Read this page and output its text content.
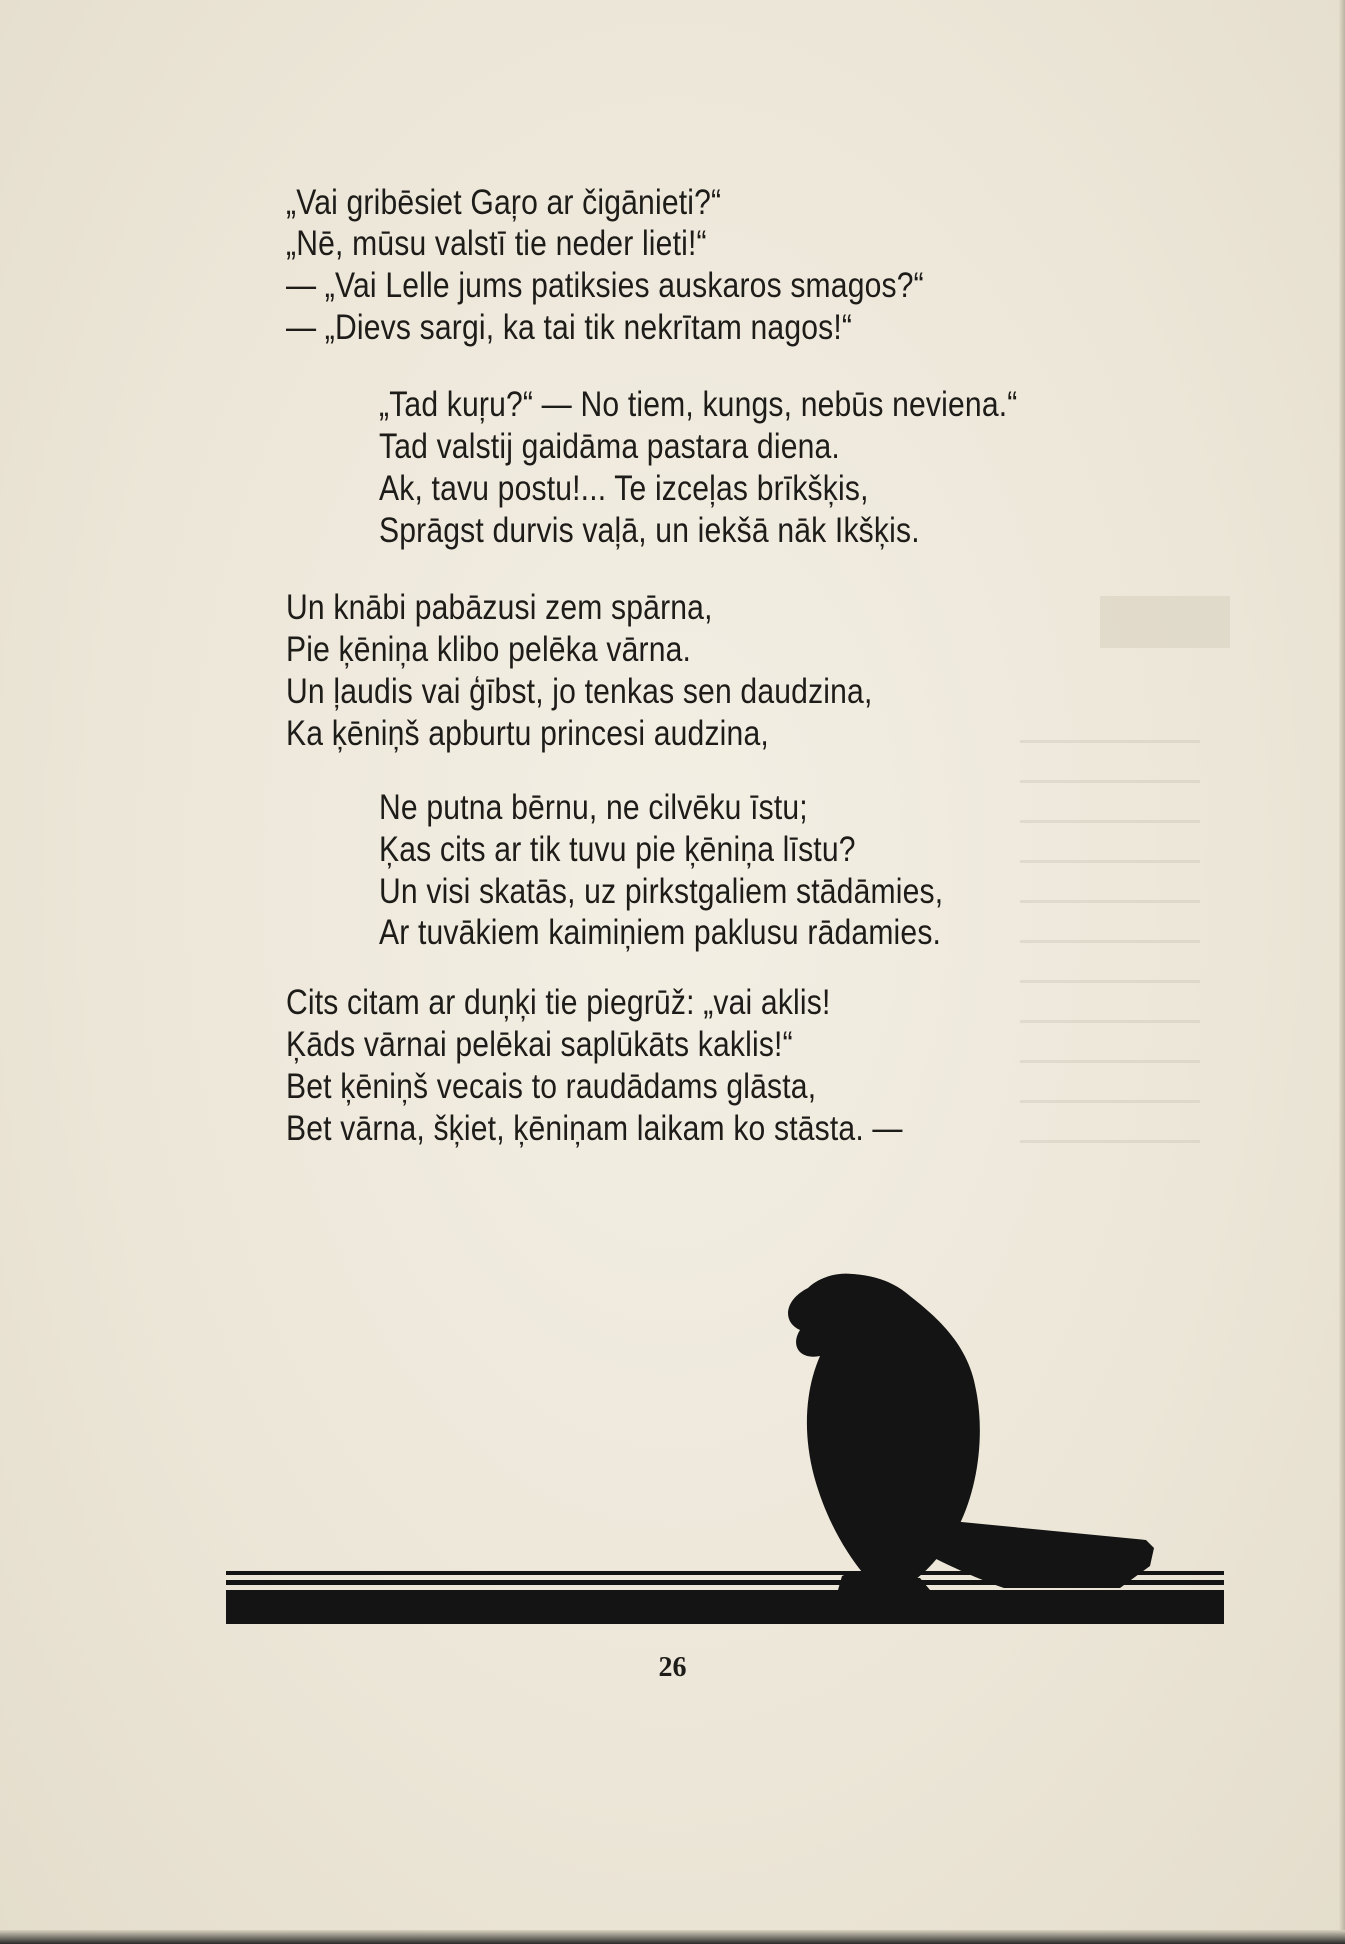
„Vai gribēsiet Gaŗo ar čigānieti?“
„Nē, mūsu valstī tie neder lieti!“
— „Vai Lelle jums patiksies auskaros smagos?“
— „Dievs sargi, ka tai tik nekrītam nagos!“
„Tad kuŗu?“ — No tiem, kungs, nebūs neviena.“
Tad valstij gaidāma pastara diena.
Ak, tavu postu!... Te izceļas brīkšķis,
Sprāgst durvis vaļā, un iekšā nāk Ikšķis.
Un knābi pabāzusi zem spārna,
Pie ķēniņa klibo pelēka vārna.
Un ļaudis vai ģībst, jo tenkas sen daudzina,
Ka ķēniņš apburtu princesi audzina,
Ne putna bērnu, ne cilvēku īstu;
Ķas cits ar tik tuvu pie ķēniņa līstu?
Un visi skatās, uz pirkstgaliem stādāmies,
Ar tuvākiem kaimiņiem paklusu rādamies.
Cits citam ar duņķi tie piegrūž: „vai aklis!
Ķāds vārnai pelēkai saplūkāts kaklis!“
Bet ķēniņš vecais to raudādams glāsta,
Bet vārna, šķiet, ķēniņam laikam ko stāsta. —
26
